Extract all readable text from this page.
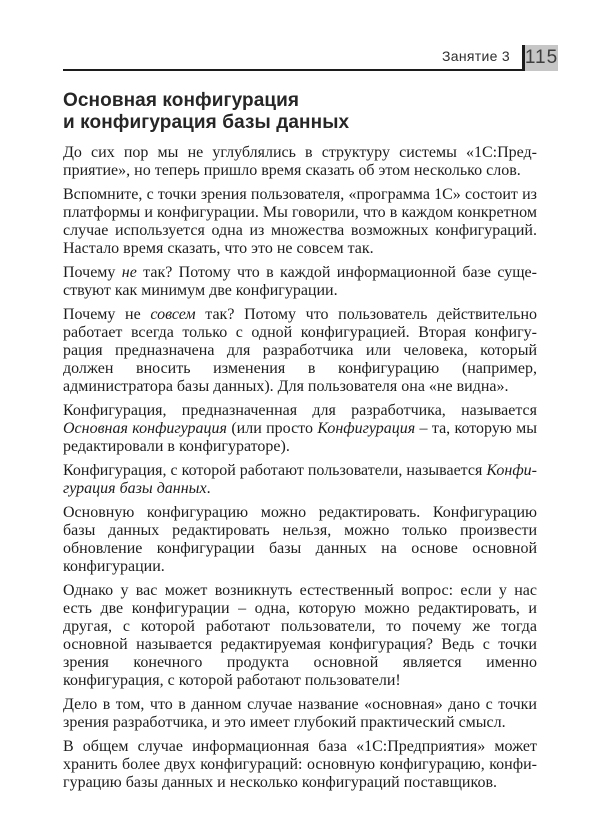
Занятие 3 115
Основная конфигурация
и конфигурация базы данных

До сих пор мы не углублялись в структуру системы «1С:Предприятие», но теперь пришло время сказать об этом несколько слов.

Вспомните, с точки зрения пользователя, «программа 1С» состоит из платформы и конфигурации. Мы говорили, что в каждом конкретном случае используется одна из множества возможных конфигураций. Настало время сказать, что это не совсем так.

Почему не так? Потому что в каждой информационной базе существуют как минимум две конфигурации.

Почему не совсем так? Потому что пользователь действительно работает всегда только с одной конфигурацией. Вторая конфигурация предназначена для разработчика или человека, который должен вносить изменения в конфигурацию (например, администратора базы данных). Для пользователя она «не видна».

Конфигурация, предназначенная для разработчика, называется Основная конфигурация (или просто Конфигурация – та, которую мы редактировали в конфигураторе).

Конфигурация, с которой работают пользователи, называется Конфигурация базы данных.

Основную конфигурацию можно редактировать. Конфигурацию базы данных редактировать нельзя, можно только произвести обновление конфигурации базы данных на основе основной конфигурации.

Однако у вас может возникнуть естественный вопрос: если у нас есть две конфигурации – одна, которую можно редактировать, и другая, с которой работают пользователи, то почему же тогда основной называется редактируемая конфигурация? Ведь с точки зрения конечного продукта основной является именно конфигурация, с которой работают пользователи!

Дело в том, что в данном случае название «основная» дано с точки зрения разработчика, и это имеет глубокий практический смысл.

В общем случае информационная база «1С:Предприятия» может хранить более двух конфигураций: основную конфигурацию, конфигурацию базы данных и несколько конфигураций поставщиков.
